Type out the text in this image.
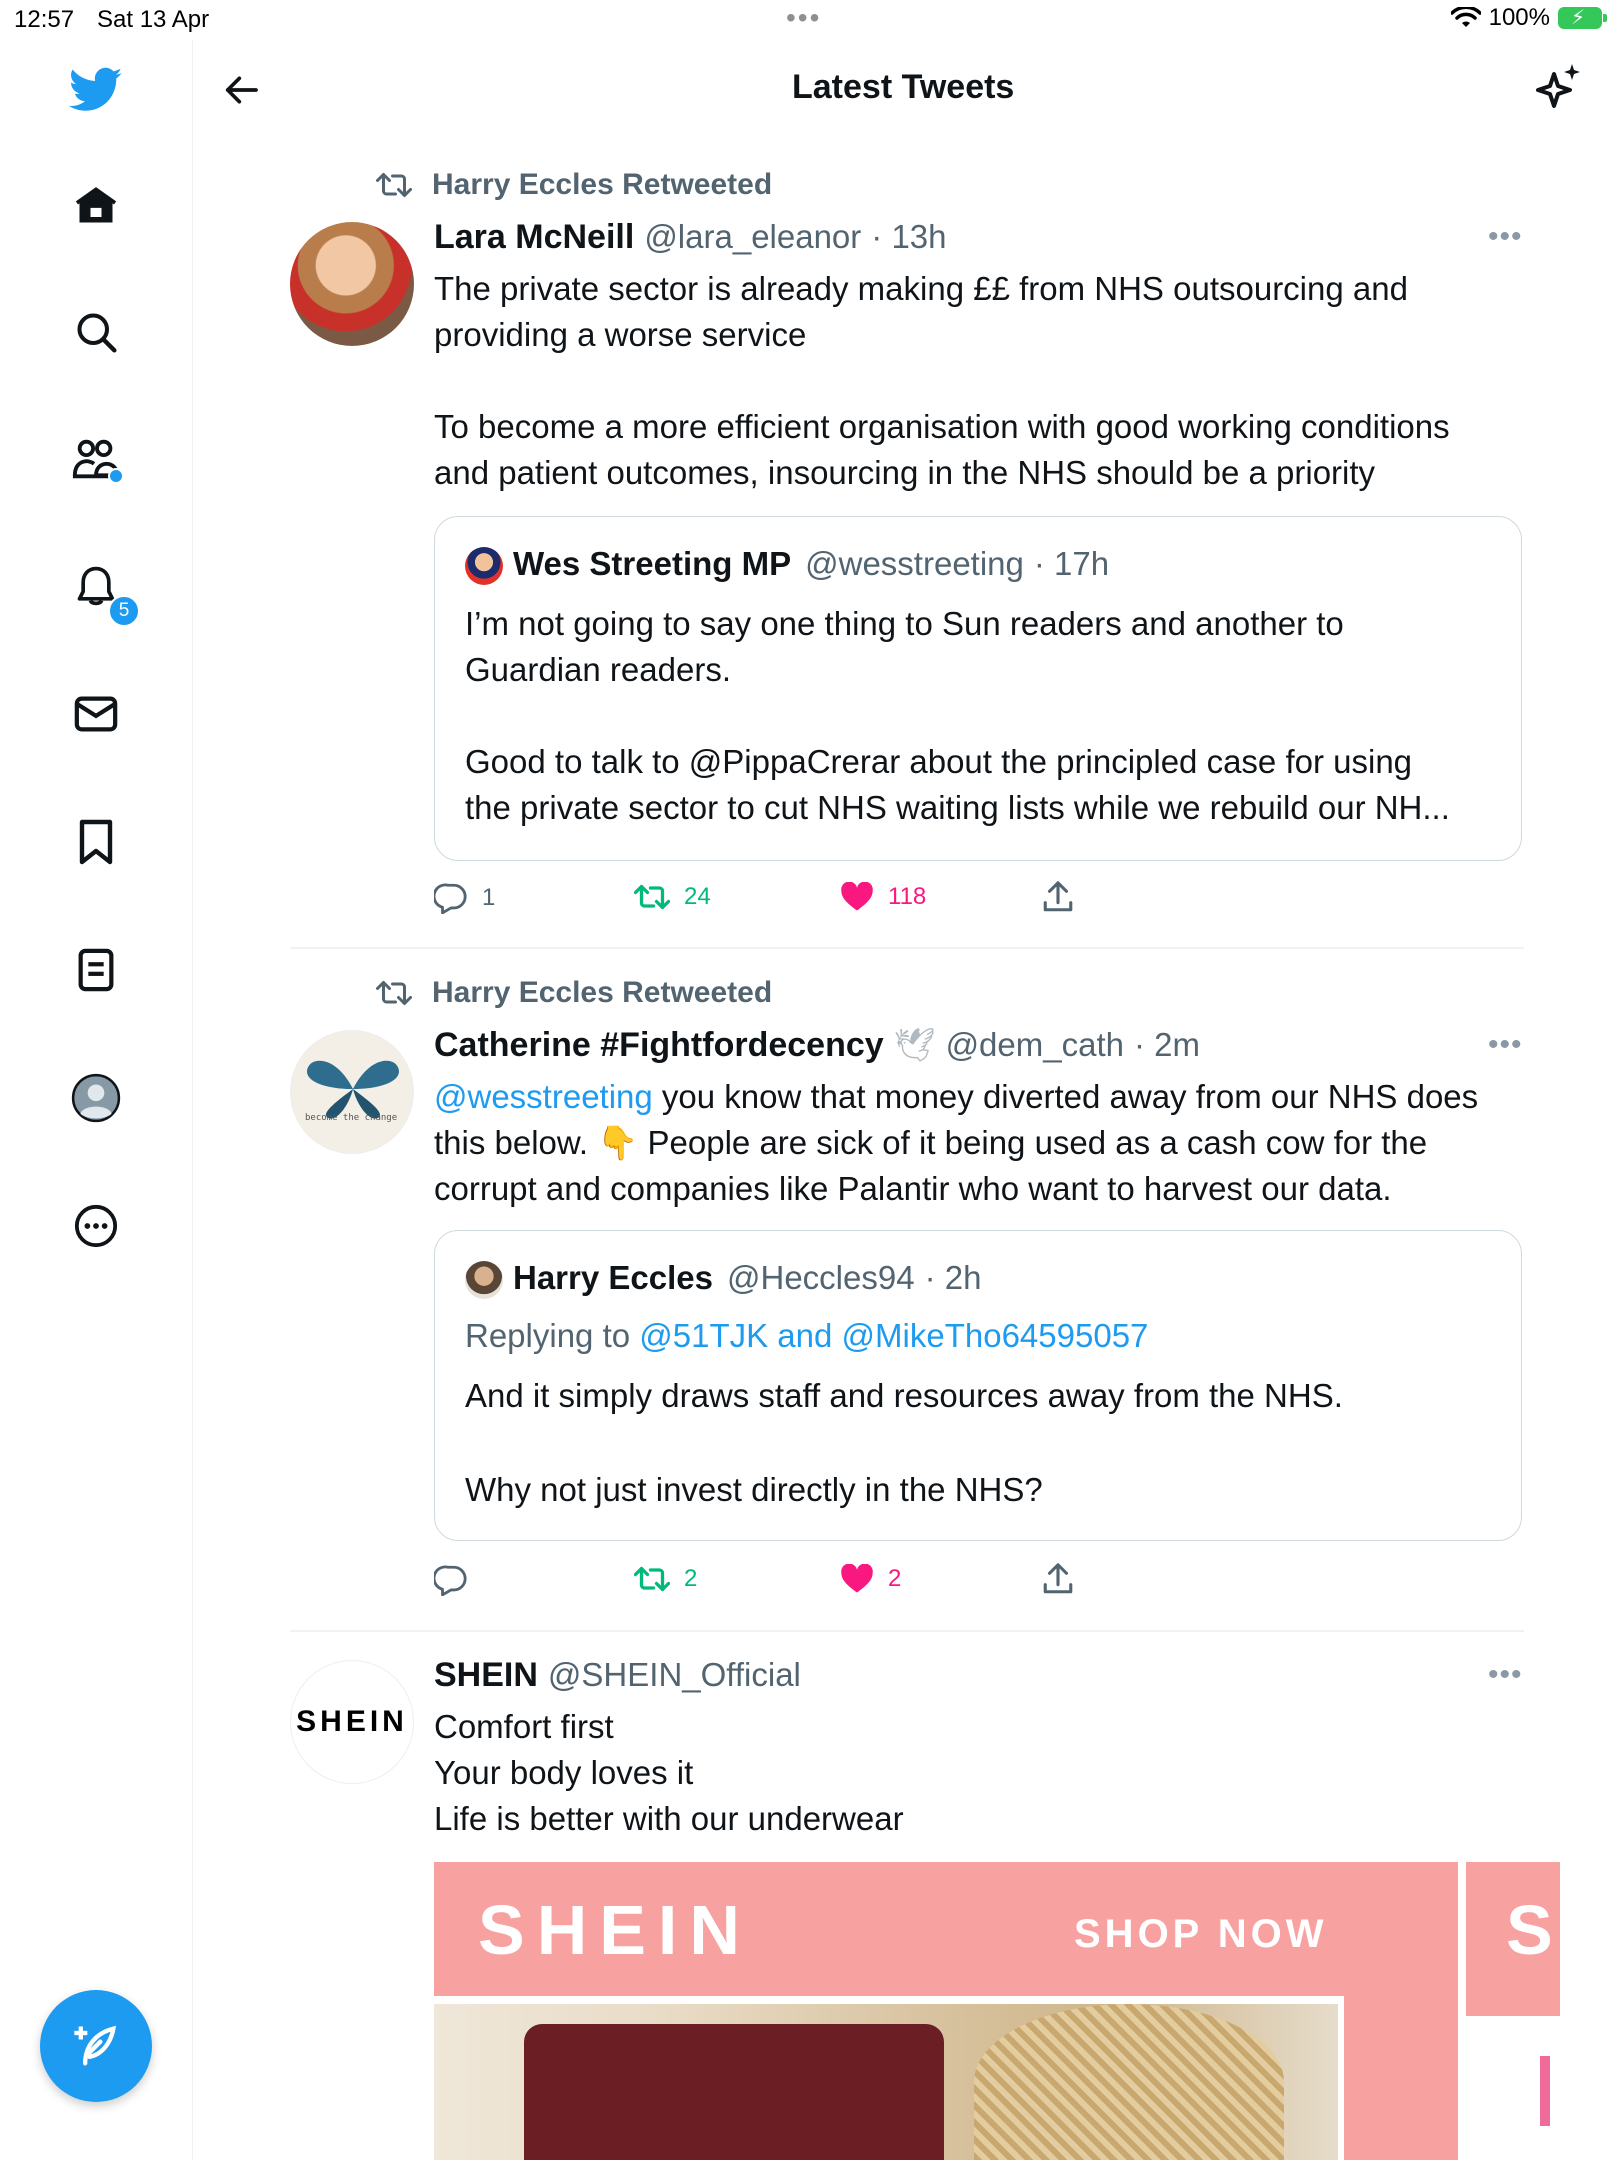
12:57 Sat 13 Apr	•••	100% ⚡
5
Latest Tweets
Harry Eccles Retweeted
Lara McNeill @lara_eleanor · 13h	•••
The private sector is already making ££ from NHS outsourcing and
providing a worse service
To become a more efficient organisation with good working conditions
and patient outcomes, insourcing in the NHS should be a priority
Wes Streeting MP @wesstreeting · 17h
I’m not going to say one thing to Sun readers and another to
Guardian readers.
Good to talk to @PippaCrerar about the principled case for using
the private sector to cut NHS waiting lists while we rebuild our NH...
1	24	118
Harry Eccles Retweeted
become the change
Catherine #Fightfordecency 🕊 @dem_cath · 2m	•••
@wesstreeting you know that money diverted away from our NHS does
this below. 👇 People are sick of it being used as a cash cow for the
corrupt and companies like Palantir who want to harvest our data.
Harry Eccles @Heccles94 · 2h
Replying to @51TJK and @MikeTho64595057
And it simply draws staff and resources away from the NHS.
Why not just invest directly in the NHS?
2	2
SHEIN
SHEIN @SHEIN_Official	•••
Comfort first
Your body loves it
Life is better with our underwear
SHEIN	SHOP NOW	S
